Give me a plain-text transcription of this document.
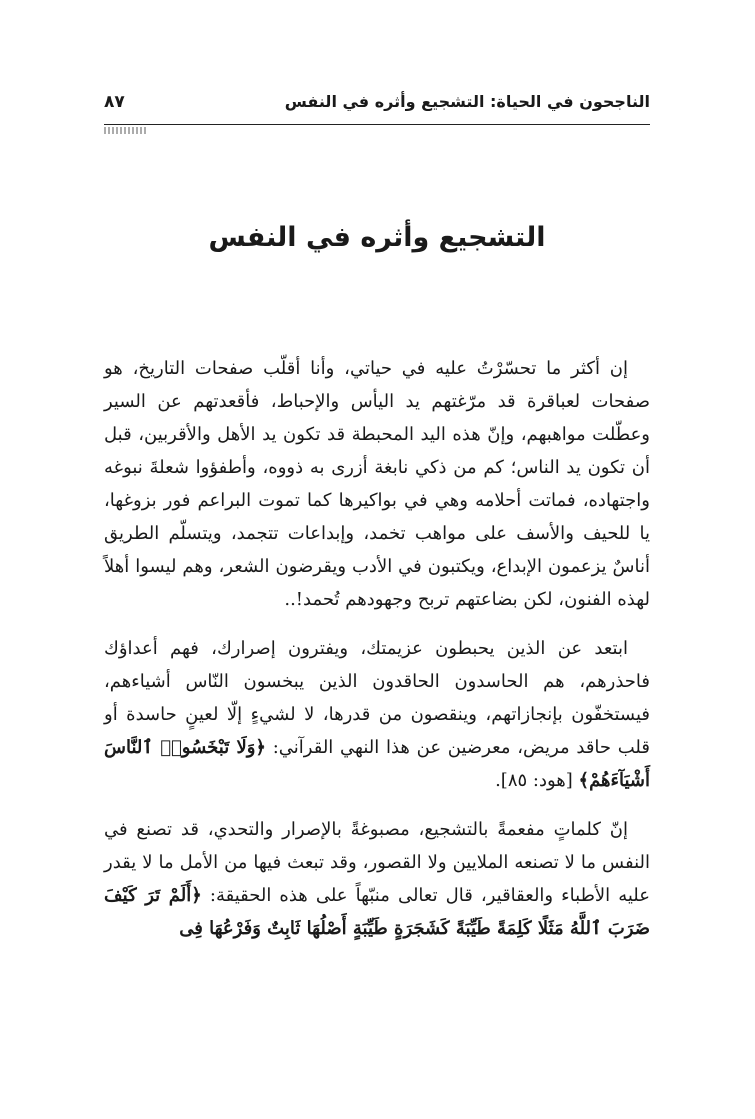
الناجحون في الحياة: التشجيع وأثره في النفس
٨٧
التشجيع وأثره في النفس

إن أكثر ما تحسّرْتُ عليه في حياتي، وأنا أقلّب صفحات التاريخ، هو صفحات لعباقرة قد مرّغتهم يد اليأس والإحباط، فأقعدتهم عن السير وعطّلت مواهبهم، وإنّ هذه اليد المحبطة قد تكون يد الأهل والأقربين، قبل أن تكون يد الناس؛ كم من ذكي نابغة أزرى به ذووه، وأطفؤوا شعلةَ نبوغه واجتهاده، فماتت أحلامه وهي في بواكيرها كما تموت البراعم فور بزوغها، يا للحيف والأسف على مواهب تخمد، وإبداعات تتجمد، ويتسلّم الطريق أناسٌ يزعمون الإبداع، ويكتبون في الأدب ويقرضون الشعر، وهم ليسوا أهلاً لهذه الفنون، لكن بضاعتهم تربح وجهودهم تُحمد!..

ابتعد عن الذين يحبطون عزيمتك، ويفترون إصرارك، فهم أعداؤك فاحذرهم، هم الحاسدون الحاقدون الذين يبخسون النّاس أشياءهم، فيستخفّون بإنجازاتهم، وينقصون من قدرها، لا لشيءٍ إلّا لعينٍ حاسدة أو قلب حاقد مريض، معرضين عن هذا النهي القرآني: ﴿وَلَا تَبْخَسُوا۟ ٱلنَّاسَ أَشْيَآءَهُمْ﴾ [هود: ٨٥].

إنّ كلماتٍ مفعمةً بالتشجيع، مصبوغةً بالإصرار والتحدي، قد تصنع في النفس ما لا تصنعه الملايين ولا القصور، وقد تبعث فيها من الأمل ما لا يقدر عليه الأطباء والعقاقير، قال تعالى منبّهاً على هذه الحقيقة: ﴿أَلَمْ تَرَ كَيْفَ ضَرَبَ ٱللَّهُ مَثَلًا كَلِمَةً طَيِّبَةً كَشَجَرَةٍ طَيِّبَةٍ أَصْلُهَا ثَابِتٌ وَفَرْعُهَا فِى
